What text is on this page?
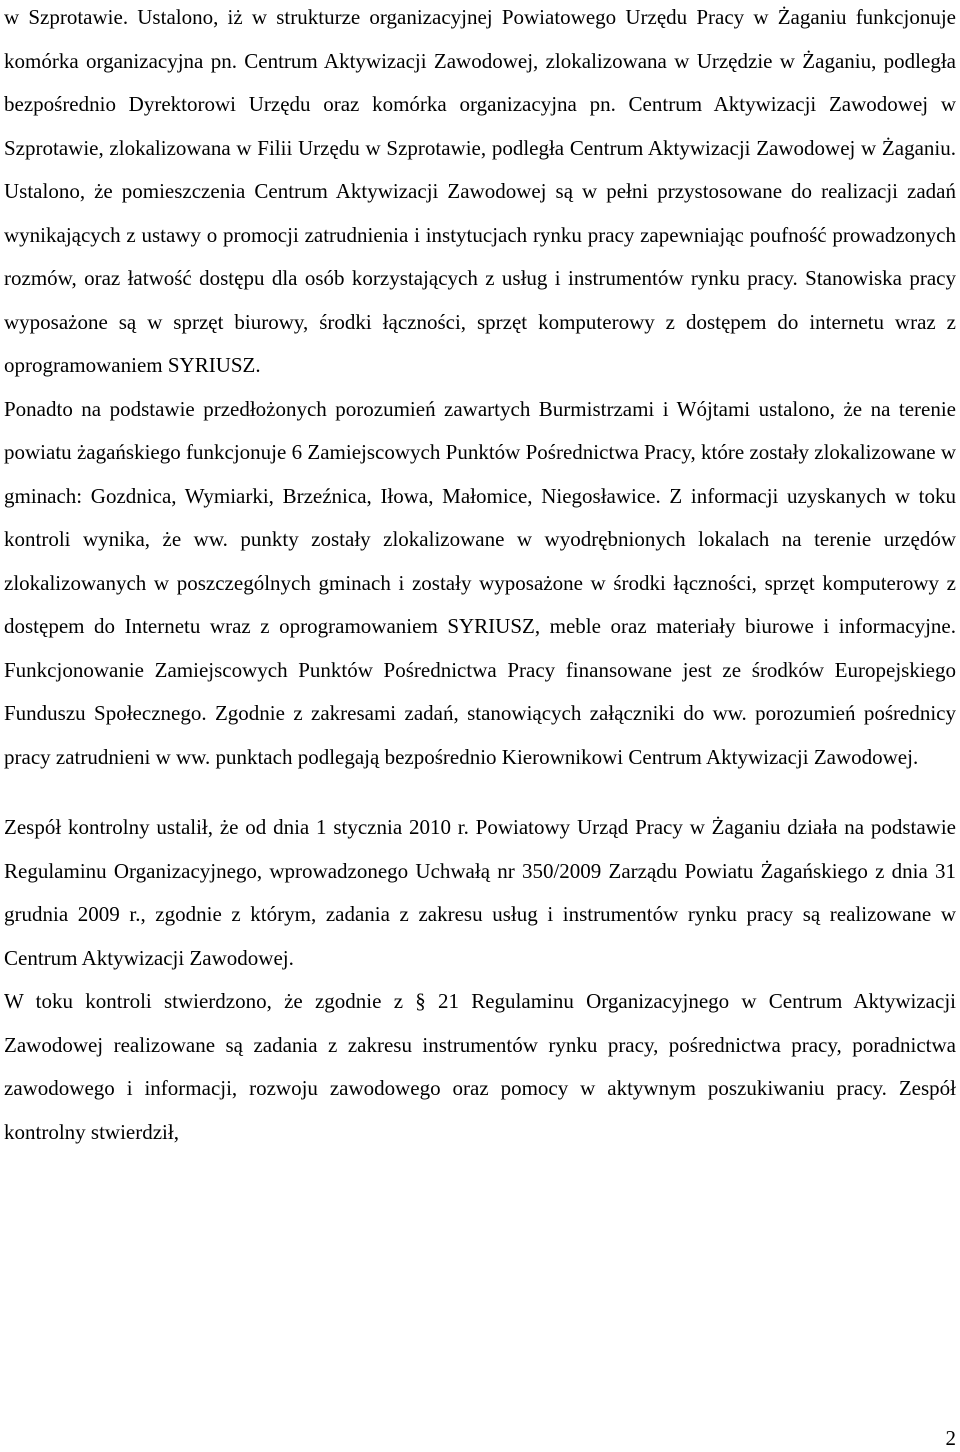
w Szprotawie. Ustalono, iż w strukturze organizacyjnej Powiatowego Urzędu Pracy w Żaganiu funkcjonuje komórka organizacyjna pn. Centrum Aktywizacji Zawodowej, zlokalizowana w Urzędzie w Żaganiu, podległa bezpośrednio Dyrektorowi Urzędu oraz komórka organizacyjna pn. Centrum Aktywizacji Zawodowej w Szprotawie, zlokalizowana w Filii Urzędu w Szprotawie, podległa Centrum Aktywizacji Zawodowej w Żaganiu. Ustalono, że pomieszczenia Centrum Aktywizacji Zawodowej są w pełni przystosowane do realizacji zadań wynikających z ustawy o promocji zatrudnienia i instytucjach rynku pracy zapewniając poufność prowadzonych rozmów, oraz łatwość dostępu dla osób korzystających z usług i instrumentów rynku pracy. Stanowiska pracy wyposażone są w sprzęt biurowy, środki łączności, sprzęt komputerowy z dostępem do internetu wraz z oprogramowaniem SYRIUSZ.

Ponadto na podstawie przedłożonych porozumień zawartych Burmistrzami i Wójtami ustalono, że na terenie powiatu żagańskiego funkcjonuje 6 Zamiejscowych Punktów Pośrednictwa Pracy, które zostały zlokalizowane w gminach: Gozdnica, Wymiarki, Brzeźnica, Iłowa, Małomice, Niegosławice. Z informacji uzyskanych w toku kontroli wynika, że ww. punkty zostały zlokalizowane w wyodrębnionych lokalach na terenie urzędów zlokalizowanych w poszczególnych gminach i zostały wyposażone w środki łączności, sprzęt komputerowy z dostępem do Internetu wraz z oprogramowaniem SYRIUSZ, meble oraz materiały biurowe i informacyjne. Funkcjonowanie Zamiejscowych Punktów Pośrednictwa Pracy finansowane jest ze środków Europejskiego Funduszu Społecznego. Zgodnie z zakresami zadań, stanowiących załączniki do ww. porozumień pośrednicy pracy zatrudnieni w ww. punktach podlegają bezpośrednio Kierownikowi Centrum Aktywizacji Zawodowej.

Zespół kontrolny ustalił, że od dnia 1 stycznia 2010 r. Powiatowy Urząd Pracy w Żaganiu działa na podstawie Regulaminu Organizacyjnego, wprowadzonego Uchwałą nr 350/2009 Zarządu Powiatu Żagańskiego z dnia 31 grudnia 2009 r., zgodnie z którym, zadania z zakresu usług i instrumentów rynku pracy są realizowane w Centrum Aktywizacji Zawodowej.

W toku kontroli stwierdzono, że zgodnie z § 21 Regulaminu Organizacyjnego w Centrum Aktywizacji Zawodowej realizowane są zadania z zakresu instrumentów rynku pracy, pośrednictwa pracy, poradnictwa zawodowego i informacji, rozwoju zawodowego oraz pomocy w aktywnym poszukiwaniu pracy. Zespół kontrolny stwierdził,

2
